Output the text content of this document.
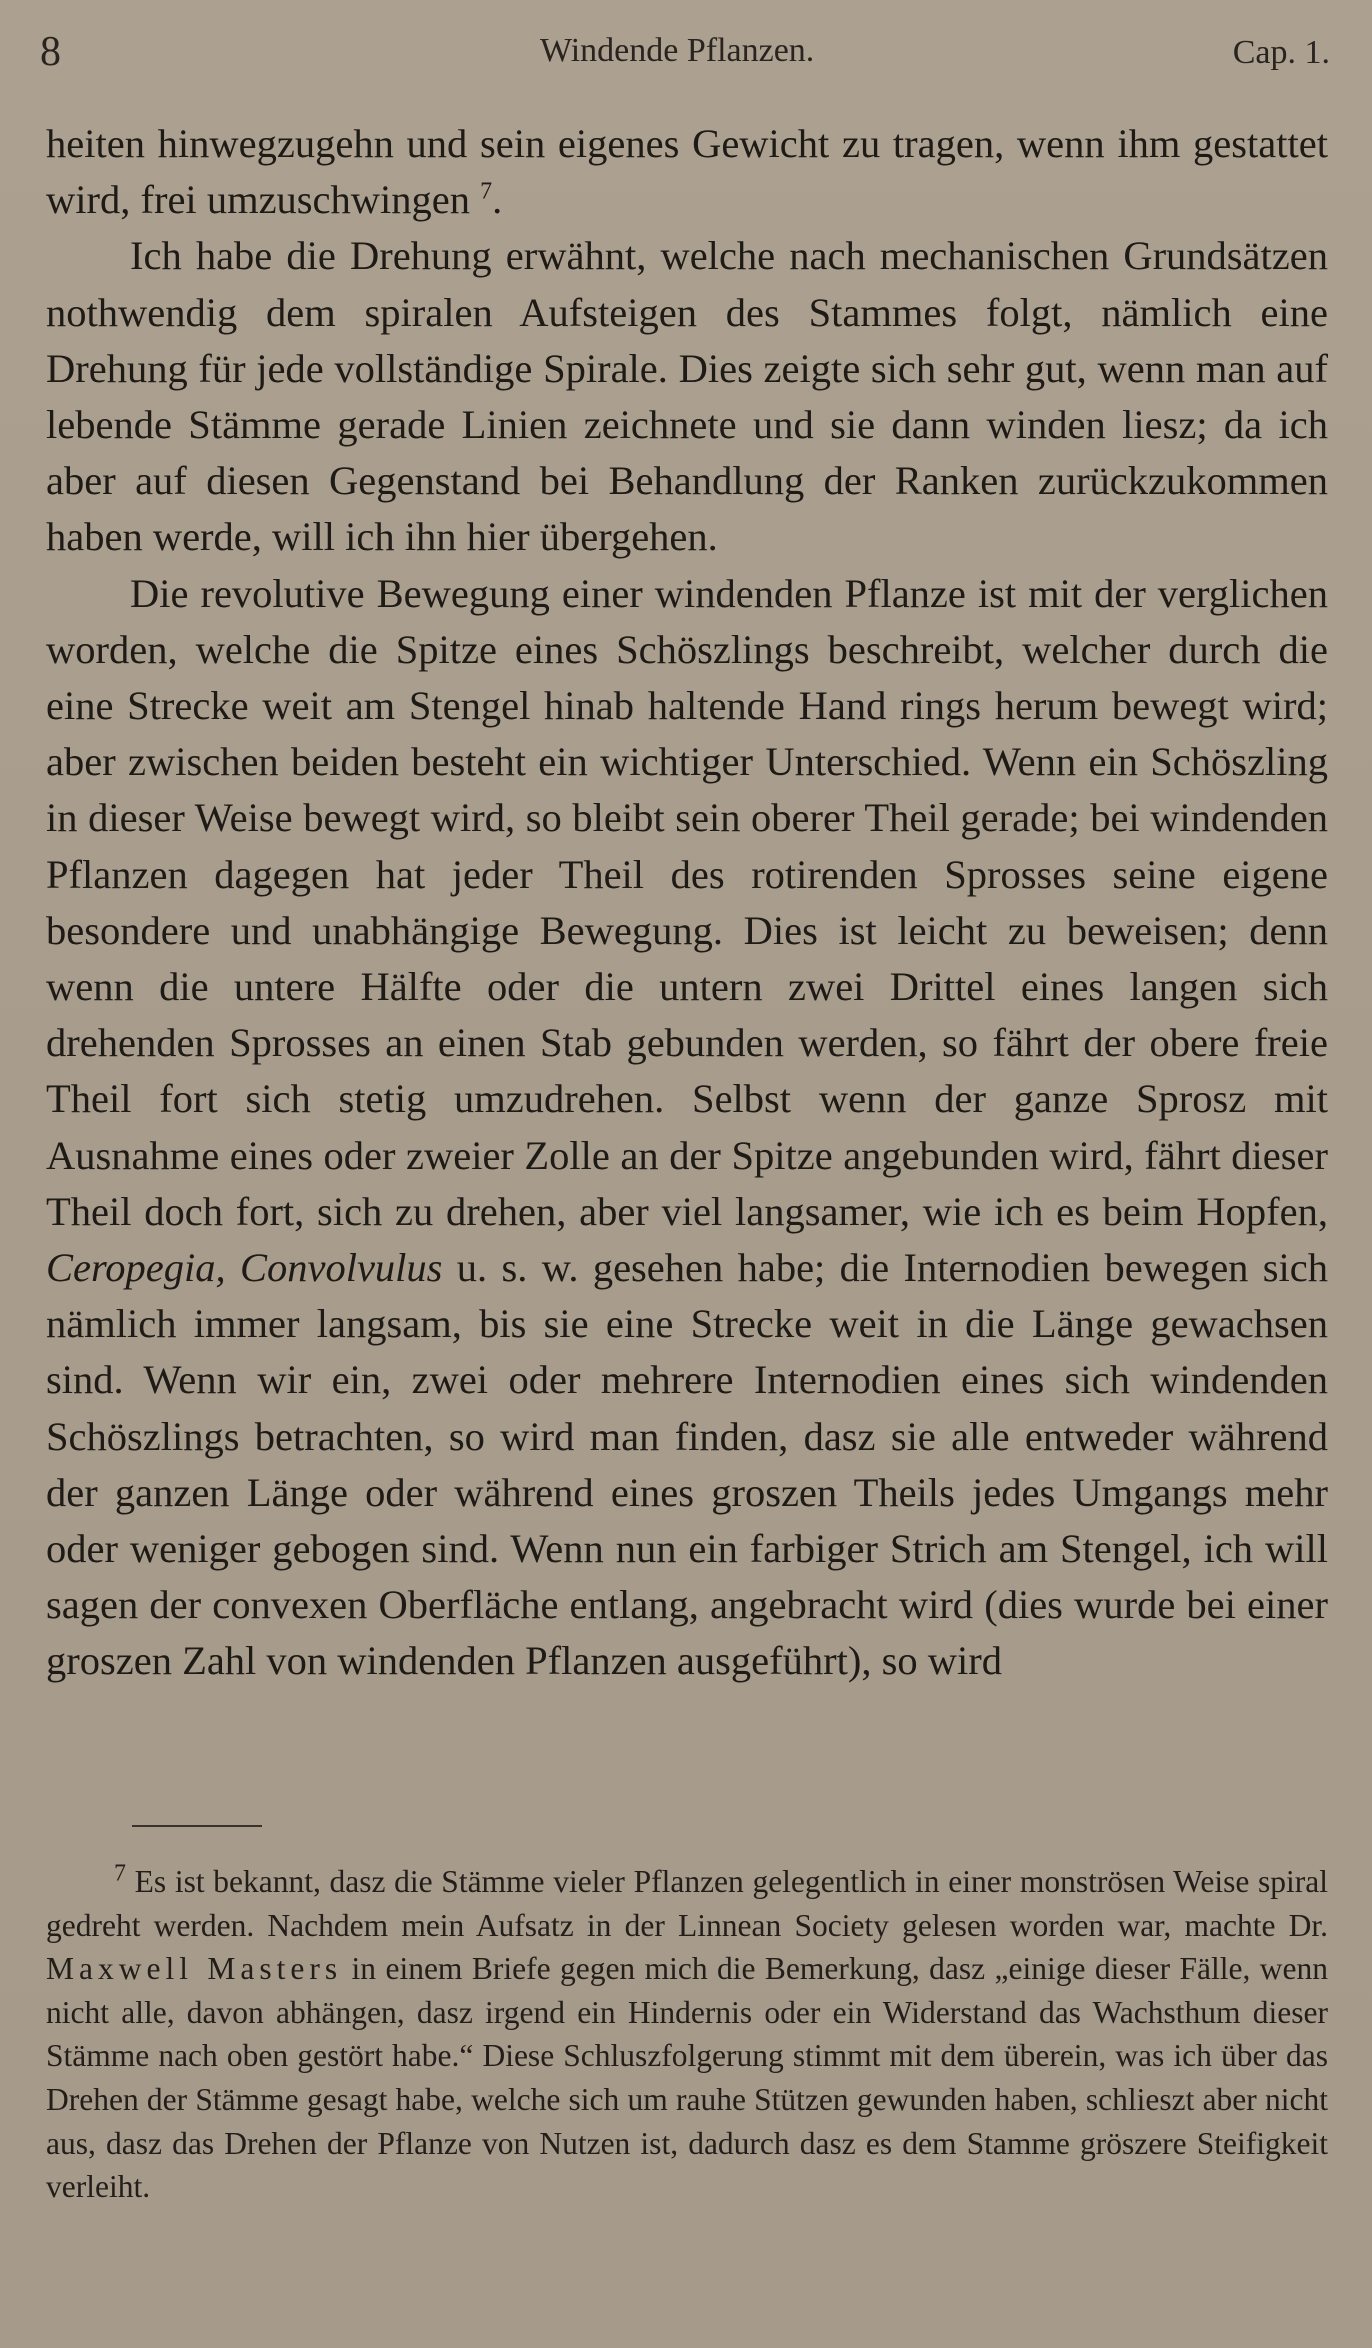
8	Windende Pflanzen.	Cap. 1.

heiten hinwegzugehn und sein eigenes Gewicht zu tragen, wenn ihm gestattet wird, frei umzuschwingen $^7$.

Ich habe die Drehung erwähnt, welche nach mechanischen Grundsätzen nothwendig dem spiralen Aufsteigen des Stammes folgt, nämlich eine Drehung für jede vollständige Spirale. Dies zeigte sich sehr gut, wenn man auf lebende Stämme gerade Linien zeichnete und sie dann winden liesz; da ich aber auf diesen Gegenstand bei Behandlung der Ranken zurückzukommen haben werde, will ich ihn hier übergehen.

Die revolutive Bewegung einer windenden Pflanze ist mit der verglichen worden, welche die Spitze eines Schöszlings beschreibt, welcher durch die eine Strecke weit am Stengel hinab haltende Hand rings herum bewegt wird; aber zwischen beiden besteht ein wichtiger Unterschied. Wenn ein Schöszling in dieser Weise bewegt wird, so bleibt sein oberer Theil gerade; bei windenden Pflanzen dagegen hat jeder Theil des rotirenden Sprosses seine eigene besondere und unabhängige Bewegung. Dies ist leicht zu beweisen; denn wenn die untere Hälfte oder die untern zwei Drittel eines langen sich drehenden Sprosses an einen Stab gebunden werden, so fährt der obere freie Theil fort sich stetig umzudrehen. Selbst wenn der ganze Sprosz mit Ausnahme eines oder zweier Zolle an der Spitze angebunden wird, fährt dieser Theil doch fort, sich zu drehen, aber viel langsamer, wie ich es beim Hopfen, Ceropegia, Convolvulus u. s. w. gesehen habe; die Internodien bewegen sich nämlich immer langsam, bis sie eine Strecke weit in die Länge gewachsen sind. Wenn wir ein, zwei oder mehrere Internodien eines sich windenden Schöszlings betrachten, so wird man finden, dasz sie alle entweder während der ganzen Länge oder während eines groszen Theils jedes Umgangs mehr oder weniger gebogen sind. Wenn nun ein farbiger Strich am Stengel, ich will sagen der convexen Oberfläche entlang, angebracht wird (dies wurde bei einer groszen Zahl von windenden Pflanzen ausgeführt), so wird

$^7$ Es ist bekannt, dasz die Stämme vieler Pflanzen gelegentlich in einer monströsen Weise spiral gedreht werden. Nachdem mein Aufsatz in der Linnean Society gelesen worden war, machte Dr. Maxwell Masters in einem Briefe gegen mich die Bemerkung, dasz „einige dieser Fälle, wenn nicht alle, davon abhängen, dasz irgend ein Hindernis oder ein Widerstand das Wachsthum dieser Stämme nach oben gestört habe.“ Diese Schluszfolgerung stimmt mit dem überein, was ich über das Drehen der Stämme gesagt habe, welche sich um rauhe Stützen gewunden haben, schlieszt aber nicht aus, dasz das Drehen der Pflanze von Nutzen ist, dadurch dasz es dem Stamme gröszere Steifigkeit verleiht.
